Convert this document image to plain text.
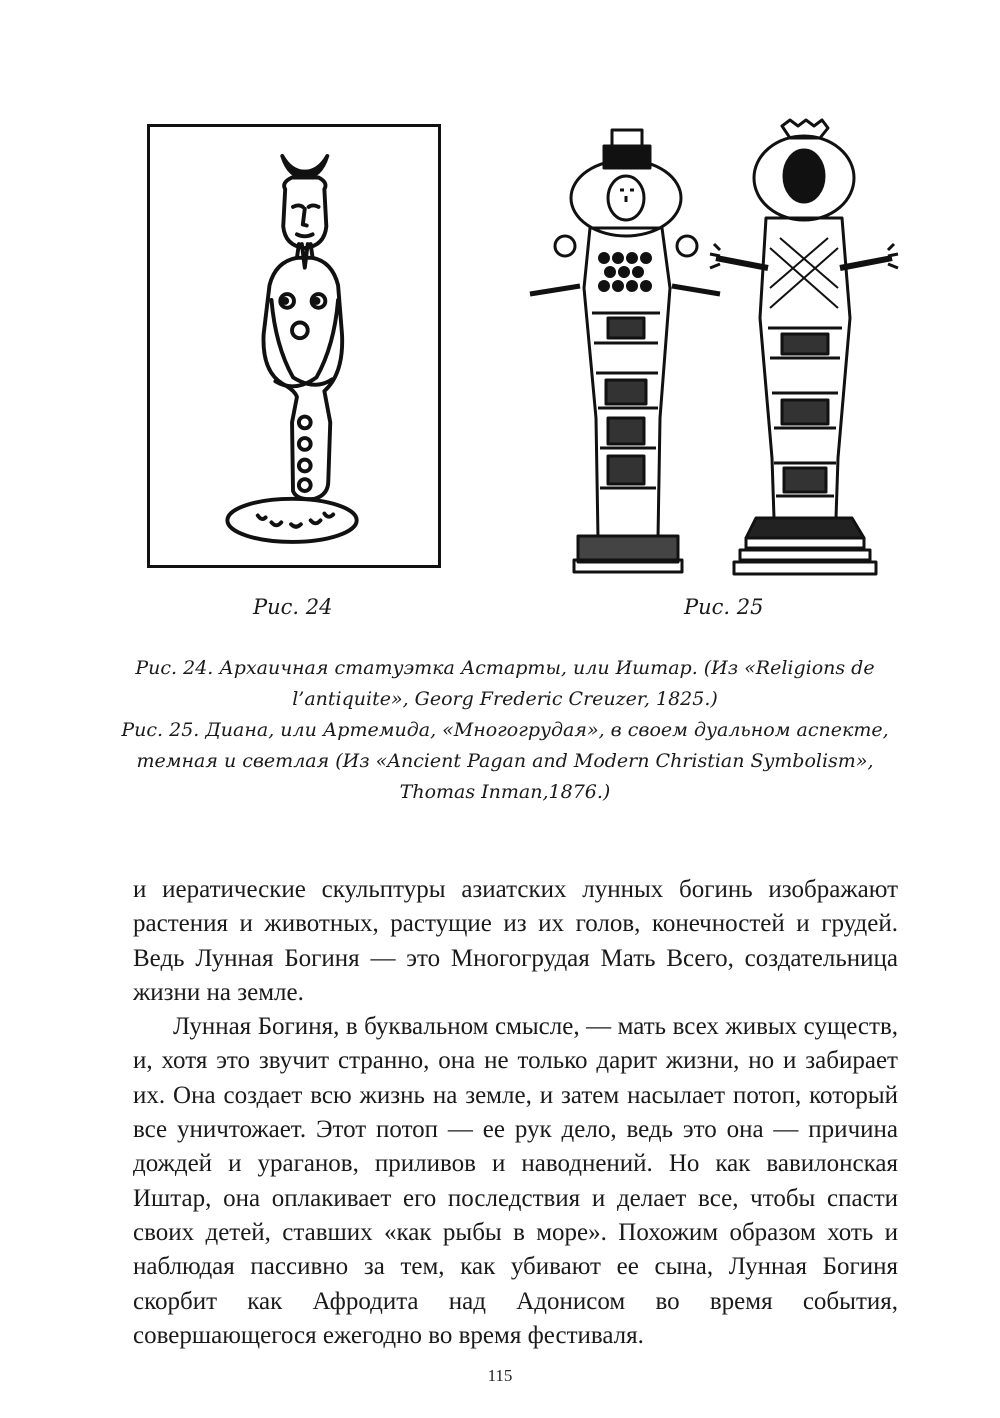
Рис. 24	Рис. 25
Рис. 24. Архаичная статуэтка Астарты, или Иштар. (Из «Religions de
l’antiquite», Georg Frederic Creuzer, 1825.)
Рис. 25. Диана, или Артемида, «Многогрудая», в своем дуальном аспекте,
темная и светлая (Из «Ancient Pagan and Modern Christian Symbolism»,
Thomas Inman,1876.)

и иератические скульптуры азиатских лунных богинь изображают растения и животных, растущие из их голов, конечностей и грудей. Ведь Лунная Богиня — это Многогрудая Мать Всего, создательница жизни на земле.

Лунная Богиня, в буквальном смысле, — мать всех живых существ, и, хотя это звучит странно, она не только дарит жизни, но и забирает их. Она создает всю жизнь на земле, и затем насылает потоп, который все уничтожает. Этот потоп — ее рук дело, ведь это она — причина дождей и ураганов, приливов и наводнений. Но как вавилонская Иштар, она оплакивает его последствия и делает все, чтобы спасти своих детей, ставших «как рыбы в море». Похожим образом хоть и наблюдая пассивно за тем, как убивают ее сына, Лунная Богиня скорбит как Афродита над Адонисом во время события, совершающегося ежегодно во время фестиваля.

115
